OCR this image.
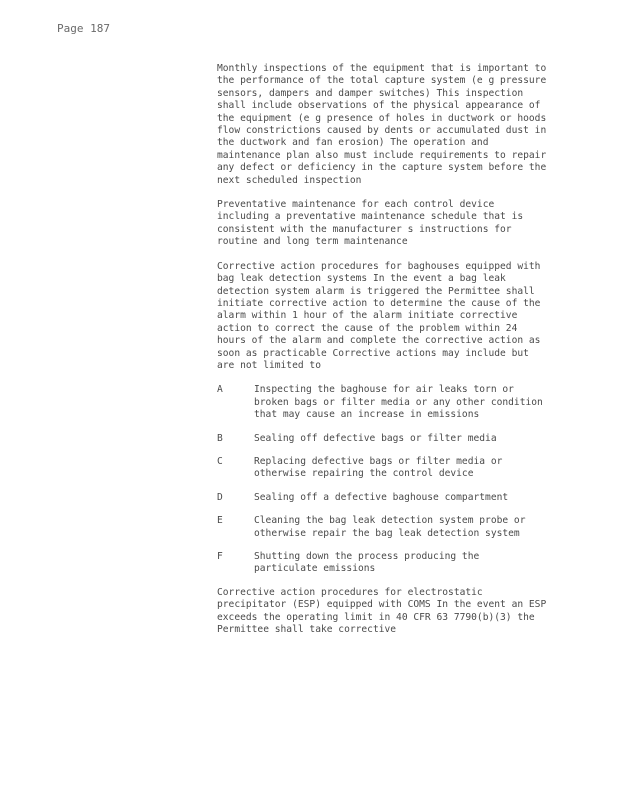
Page 187

Monthly inspections of the equipment that is important to the performance of the total capture system (e g pressure sensors, dampers and damper switches) This inspection shall include observations of the physical appearance of the equipment (e g presence of holes in ductwork or hoods flow constrictions caused by dents or accumulated dust in the ductwork and fan erosion) The operation and maintenance plan also must include requirements to repair any defect or deficiency in the capture system before the next scheduled inspection

Preventative maintenance for each control device including a preventative maintenance schedule that is consistent with the manufacturer s instructions for routine and long term maintenance

Corrective action procedures for baghouses equipped with bag leak detection systems In the event a bag leak detection system alarm is triggered the Permittee shall initiate corrective action to determine the cause of the alarm within 1 hour of the alarm initiate corrective action to correct the cause of the problem within 24 hours of the alarm and complete the corrective action as soon as practicable Corrective actions may include but are not limited to

A	Inspecting the baghouse for air leaks torn or broken bags or filter media or any other condition that may cause an increase in emissions
B	Sealing off defective bags or filter media
C	Replacing defective bags or filter media or otherwise repairing the control device
D	Sealing off a defective baghouse compartment
E	Cleaning the bag leak detection system probe or otherwise repair the bag leak detection system
F	Shutting down the process producing the particulate emissions

Corrective action procedures for electrostatic precipitator (ESP) equipped with COMS In the event an ESP exceeds the operating limit in 40 CFR 63 7790(b)(3) the Permittee shall take corrective
